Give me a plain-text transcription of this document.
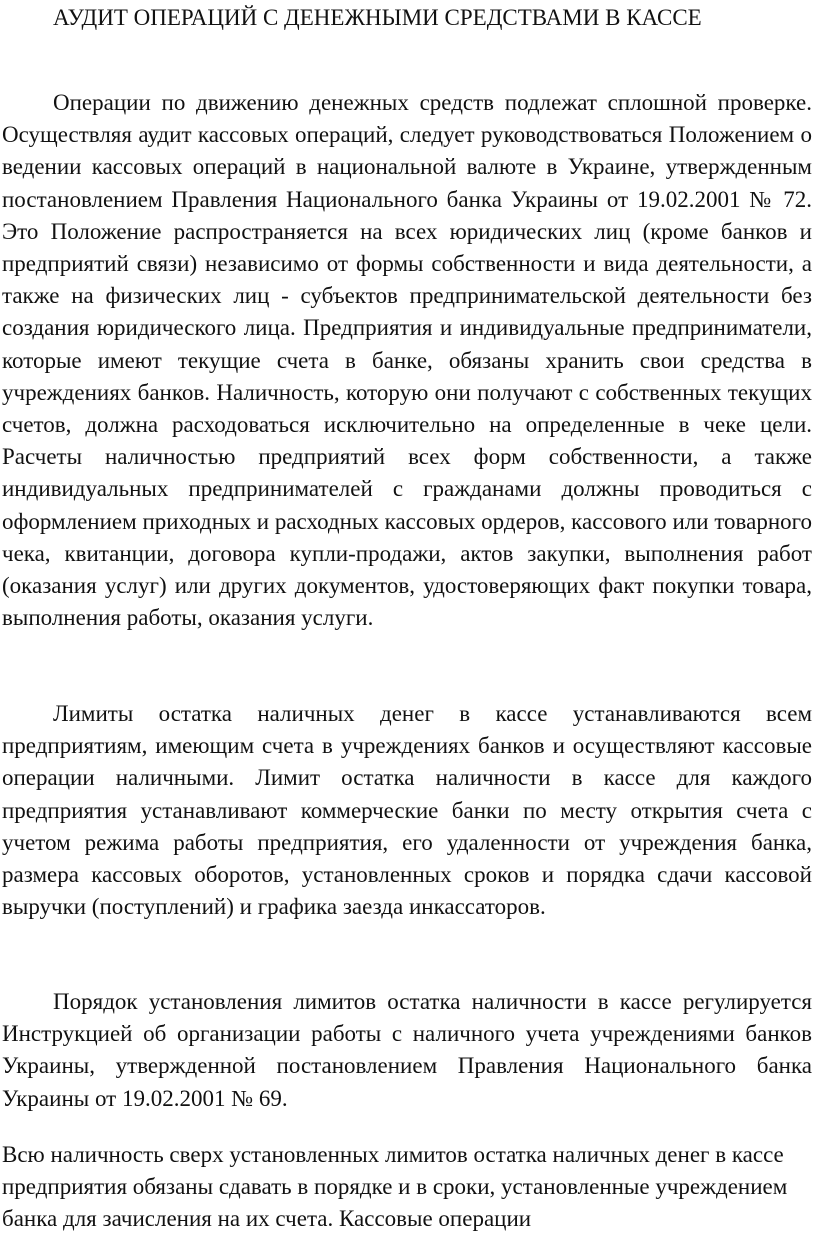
АУДИТ ОПЕРАЦИЙ С ДЕНЕЖНЫМИ СРЕДСТВАМИ В КАССЕ

Операции по движению денежных средств подлежат сплошной проверке. Осуществляя аудит кассовых операций, следует руководствоваться Положением о ведении кассовых операций в национальной валюте в Украине, утвержденным постановлением Правления Национального банка Украины от 19.02.2001 № 72. Это Положение распространяется на всех юридических лиц (кроме банков и предприятий связи) независимо от формы собственности и вида деятельности, а также на физических лиц - субъектов предпринимательской деятельности без создания юридического лица. Предприятия и индивидуальные предприниматели, которые имеют текущие счета в банке, обязаны хранить свои средства в учреждениях банков. Наличность, которую они получают с собственных текущих счетов, должна расходоваться исключительно на определенные в чеке цели. Расчеты наличностью предприятий всех форм собственности, а также индивидуальных предпринимателей с гражданами должны проводиться с оформлением приходных и расходных кассовых ордеров, кассового или товарного чека, квитанции, договора купли-продажи, актов закупки, выполнения работ (оказания услуг) или других документов, удостоверяющих факт покупки товара, выполнения работы, оказания услуги.

Лимиты остатка наличных денег в кассе устанавливаются всем предприятиям, имеющим счета в учреждениях банков и осуществляют кассовые операции наличными. Лимит остатка наличности в кассе для каждого предприятия устанавливают коммерческие банки по месту открытия счета с учетом режима работы предприятия, его удаленности от учреждения банка, размера кассовых оборотов, установленных сроков и порядка сдачи кассовой выручки (поступлений) и графика заезда инкассаторов.

Порядок установления лимитов остатка наличности в кассе регулируется Инструкцией об организации работы с наличного учета учреждениями банков Украины, утвержденной постановлением Правления Национального банка Украины от 19.02.2001 № 69.

Всю наличность сверх установленных лимитов остатка наличных денег в кассе предприятия обязаны сдавать в порядке и в сроки, установленные учреждением банка для зачисления на их счета. Кассовые операции
